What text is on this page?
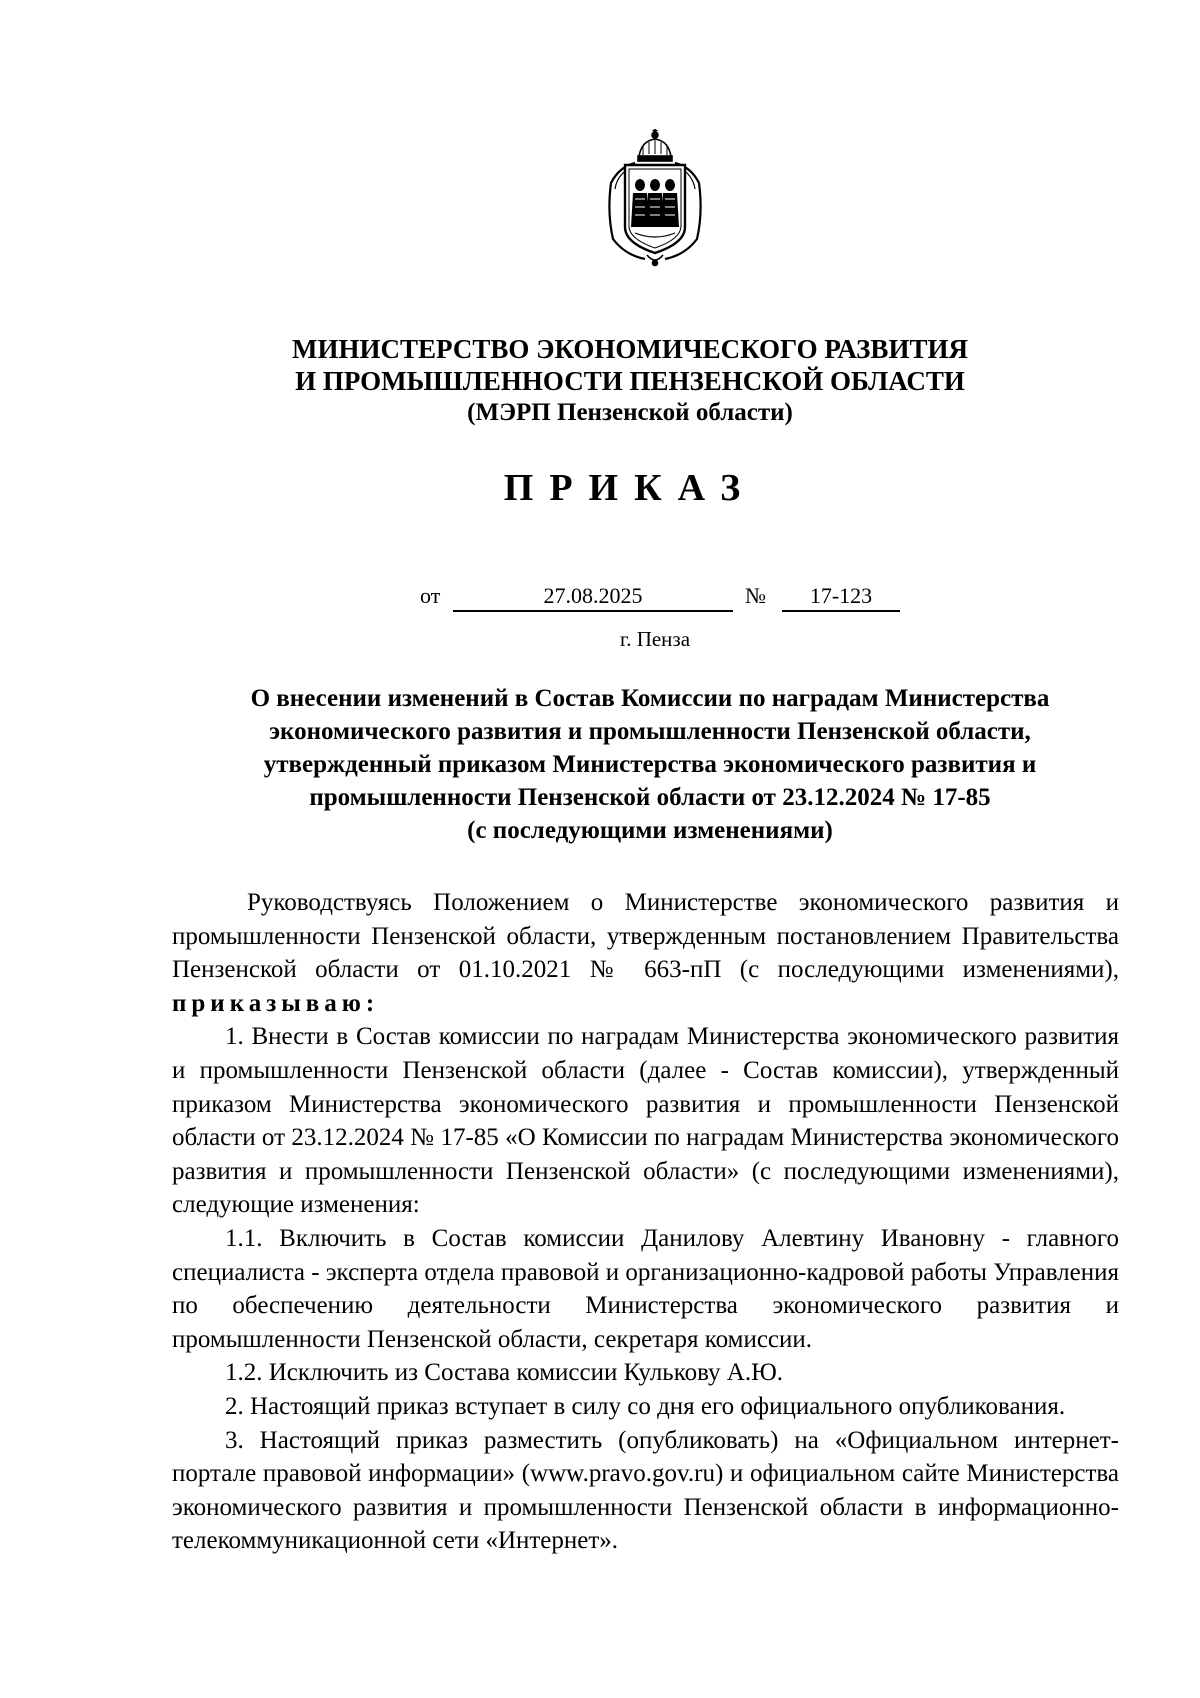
МИНИСТЕРСТВО ЭКОНОМИЧЕСКОГО РАЗВИТИЯ
И ПРОМЫШЛЕННОСТИ ПЕНЗЕНСКОЙ ОБЛАСТИ
(МЭРП Пензенской области)
ПРИКАЗ
от	27.08.2025	№	17-123
г. Пенза
О внесении изменений в Состав Комиссии по наградам Министерства
экономического развития и промышленности Пензенской области,
утвержденный приказом Министерства экономического развития и
промышленности Пензенской области от 23.12.2024 № 17-85
(с последующими изменениями)

Руководствуясь Положением о Министерстве экономического развития и промышленности Пензенской области, утвержденным постановлением Правительства Пензенской области от 01.10.2021 № 663-пП (с последующими изменениями), приказываю:

1. Внести в Состав комиссии по наградам Министерства экономического развития и промышленности Пензенской области (далее - Состав комиссии), утвержденный приказом Министерства экономического развития и промышленности Пензенской области от 23.12.2024 № 17-85 «О Комиссии по наградам Министерства экономического развития и промышленности Пензенской области» (с последующими изменениями), следующие изменения:

1.1. Включить в Состав комиссии Данилову Алевтину Ивановну - главного специалиста - эксперта отдела правовой и организационно-кадровой работы Управления по обеспечению деятельности Министерства экономического развития и промышленности Пензенской области, секретаря комиссии.

1.2. Исключить из Состава комиссии Кулькову А.Ю.

2. Настоящий приказ вступает в силу со дня его официального опубликования.

3. Настоящий приказ разместить (опубликовать) на «Официальном интернет-портале правовой информации» (www.pravo.gov.ru) и официальном сайте Министерства экономического развития и промышленности Пензенской области в информационно-телекоммуникационной сети «Интернет».
